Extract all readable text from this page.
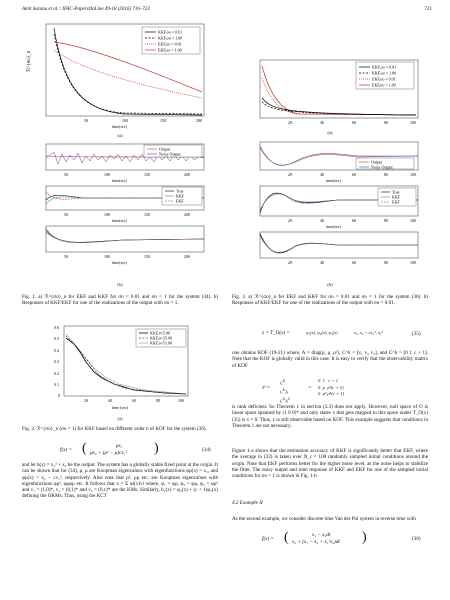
Amit Surana et al. / IFAC-PapersOnLine 49-18 (2016) 716–723	721
ℛ^{σo}_n
KKF,σo = 0.01
KKF,σo = 1.00
EKF,σo = 0.01
EKF,σo = 1.00
50	100	150	200
time(sec)
(a)
Output
Noisy Output
50	100	150	200
time(sec)
True
KKF
EKF
50	100	150	200
time(sec)
50	100	150	200
time(sec)
(b)
Fig. 1. a) ℛ^{σo}_n for EKF and KKF for σo = 0.01 and σo = 1 for the system (34). b) Responses of KKF/EKF for one of the realizations of the output with σo = 1.
KKF,σo = 0.01
KKF,σo = 1.00
EKF,σo = 0.01
EKF,σo = 1.00
20	40	60	80	100
(a)
Output
Noisy Output
20	40	60	80	100
time(sec)
True
KKF
EKF
20	40	60	80	100
time(sec)
20	40	60	80	100
(b)
Fig. 3. a) ℛ^{σo}_n for EKF and KKF for σo = 0.01 and σo = 1 for the system (36). b) Responses of KKF/EKF for one of the realizations of the output with σo = 0.01.
0.6
0.5
0.4
0.3
0.2
0.1
0
KKF,n=5.00
KKF,n=25.00
KKF,n=51.00
20	40	60	80	100
time (sec)
(a)
Fig. 2. ℛ^{σo}_n (σo = 1) for KKF based on different order n of KOF for the system (36).
f(x) = (	ρx₁
μx₂ + (ρ² − μ)cx₁² )	(34)
and let h(x) = x₁² + x₂ be the output. The system has a globally stable fixed point at the origin. It can be shown that for (34), ρ, μ are Koopman eigenvalues with eigenfunctions φρ(x) = x₁, and φμ(x) = x₂ − cx₁², respectively. Also note that ρ², μρ etc. are Koopman eigenvalues with eigenfunctions φρ², φρφμ etc. It follows that x = Σ φi(x)vi where, φ₁ = φρ, φ₂ = φμ, φ₃ = φρ² and v₁ = (1,0)*, v₂ = (0,1)* and v₃ = (0,c)* are the KMs. Similarly, h₁(x) = φ₂(x) + (c + 1)φ₃(x) defining the OKMs. Thus, using the KCT
z = T_O(x) =	φ₁(x), φ₂(x), φ₃(x)	x₁, x₂ − cx₁², x₁²	(35)
one obtains KOF (19-21) where, A = diag(ρ, μ, ρ²), C^h = [v₁ v₂ v₃], and C^h = [0 1 c + 1]. Note that the KOF is globally valid in this case. It is easy to verify that the observability matrix of KOF
𝒪 =
$C^h$
$C^hA$
$C^hA^2$
=
0  1   c + 1
0  μ  ρ²(c + 1)
0  μ² ρ⁴(c + 1)
is rank deficient. So Theorem 1 in section (3.3) does not apply. However, null space of O is linear space spanned by (1 0 0)* and only states x that gets mapped to this space under T_O(x) (35) is x = 0. Thus, x is still observable based on KOF. This example suggests that conditions in Theorem 1 are not necessary.
Figure 1-a shows that the estimation accuracy of KKF is significantly better that EKF, where the average in (33) is taken over N_r = 100 randomly sampled initial conditions around the origin. Note that EKF performs better for the higher noise level, as the noise helps to stabilize the filter. The noisy output and time response of KKF and EKF for one of the sampled initial conditions for σo = 1 is shown in Fig. 1-b.
4.2 Example II
As the second example, we consider discrete time Van der Pol system in reverse time with
f(x) = (	x₁ − x₂dt
x₂ + (x₁ − x₂ + x₁²x₂)dt )	(36)
